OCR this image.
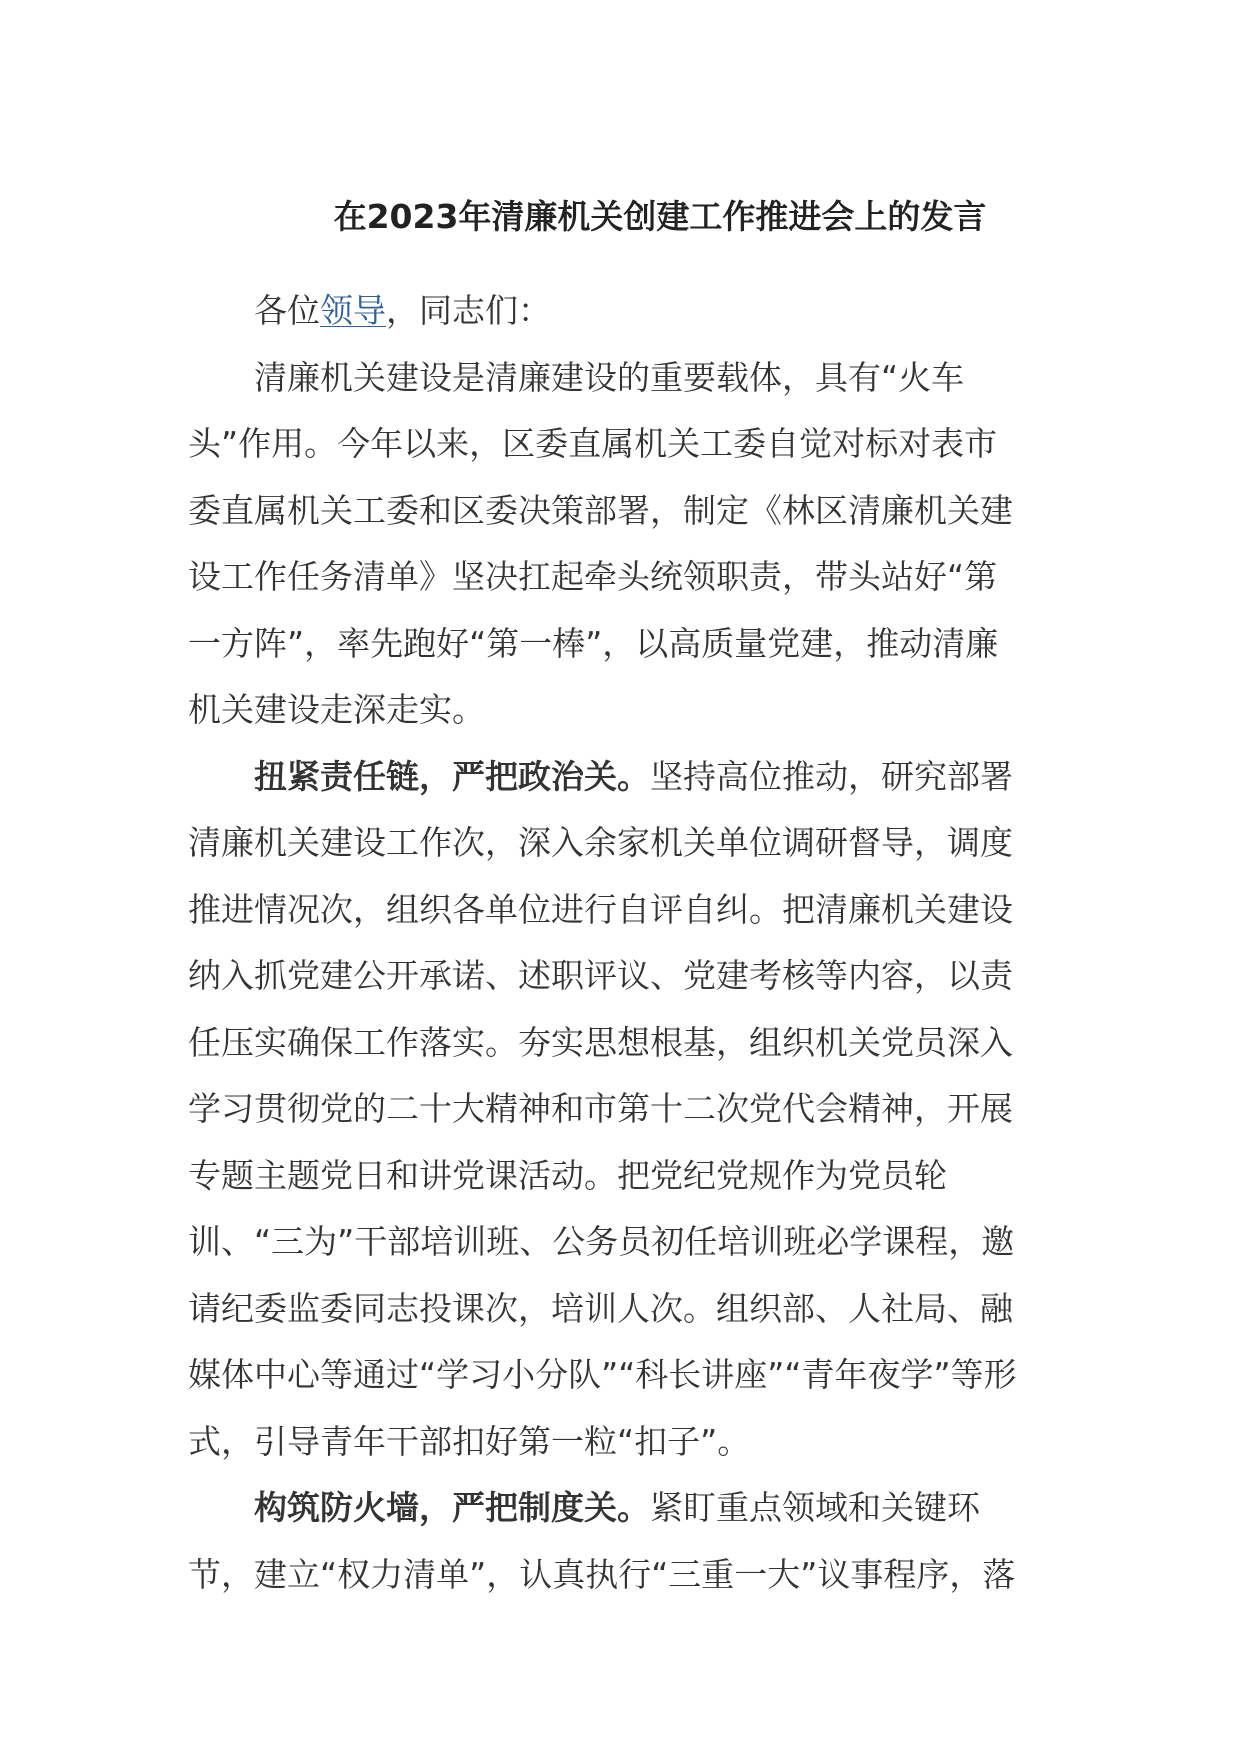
在2023年清廉机关创建工作推进会上的发言

各位领导，同志们：

清廉机关建设是清廉建设的重要载体，具有“火车头”作用。今年以来，区委直属机关工委自觉对标对表市委直属机关工委和区委决策部署，制定《林区清廉机关建设工作任务清单》坚决扛起牵头统领职责，带头站好“第一方阵”，率先跑好“第一棒”，以高质量党建，推动清廉机关建设走深走实。

扭紧责任链，严把政治关。坚持高位推动，研究部署清廉机关建设工作次，深入余家机关单位调研督导，调度推进情况次，组织各单位进行自评自纠。把清廉机关建设纳入抓党建公开承诺、述职评议、党建考核等内容，以责任压实确保工作落实。夯实思想根基，组织机关党员深入学习贯彻党的二十大精神和市第十二次党代会精神，开展专题主题党日和讲党课活动。把党纪党规作为党员轮训、“三为”干部培训班、公务员初任培训班必学课程，邀请纪委监委同志投课次，培训人次。组织部、人社局、融媒体中心等通过“学习小分队”“科长讲座”“青年夜学”等形式，引导青年干部扣好第一粒“扣子”。

构筑防火墙，严把制度关。紧盯重点领域和关键环节，建立“权力清单”，认真执行“三重一大”议事程序，落
